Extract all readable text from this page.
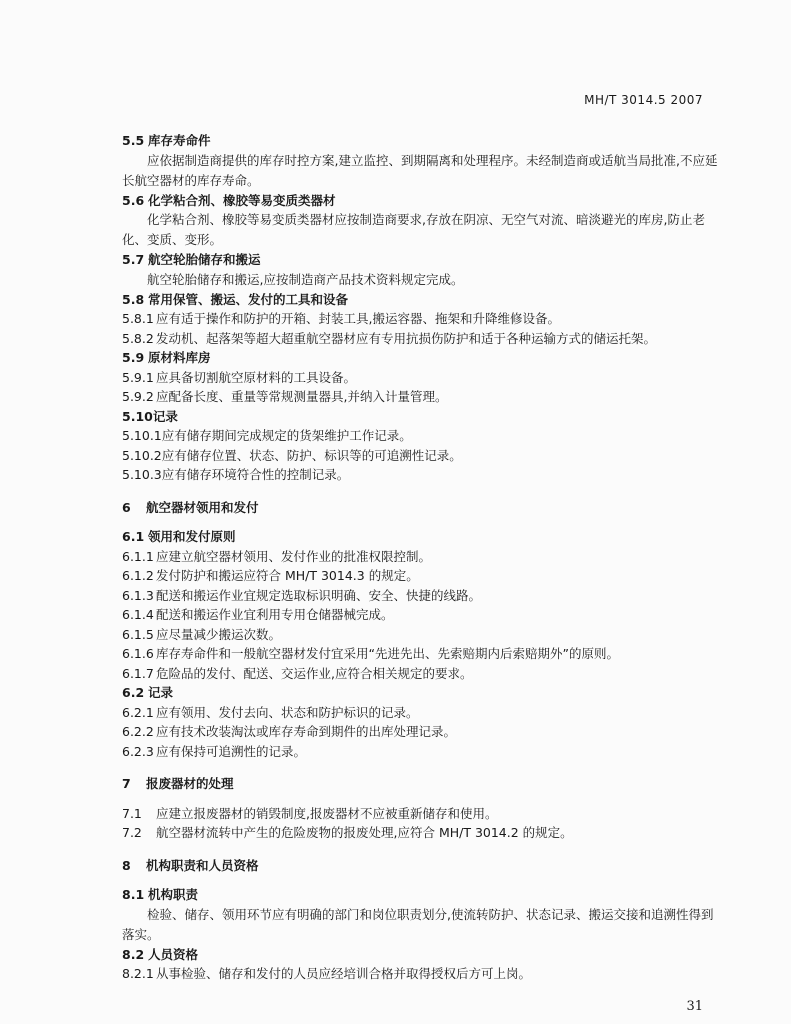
MH/T 3014.5 2007
5.5 库存寿命件
应依据制造商提供的库存时控方案,建立监控、到期隔离和处理程序。未经制造商或适航当局批准,不应延长航空器材的库存寿命。
5.6 化学粘合剂、橡胶等易变质类器材
化学粘合剂、橡胶等易变质类器材应按制造商要求,存放在阴凉、无空气对流、暗淡避光的库房,防止老化、变质、变形。
5.7 航空轮胎储存和搬运
航空轮胎储存和搬运,应按制造商产品技术资料规定完成。
5.8 常用保管、搬运、发付的工具和设备
5.8.1 应有适于操作和防护的开箱、封装工具,搬运容器、拖架和升降维修设备。
5.8.2 发动机、起落架等超大超重航空器材应有专用抗损伤防护和适于各种运输方式的储运托架。
5.9 原材料库房
5.9.1 应具备切割航空原材料的工具设备。
5.9.2 应配备长度、重量等常规测量器具,并纳入计量管理。
5.10记录
5.10.1应有储存期间完成规定的货架维护工作记录。
5.10.2应有储存位置、状态、防护、标识等的可追溯性记录。
5.10.3应有储存环境符合性的控制记录。
6 航空器材领用和发付
6.1 领用和发付原则
6.1.1 应建立航空器材领用、发付作业的批准权限控制。
6.1.2 发付防护和搬运应符合 MH/T 3014.3 的规定。
6.1.3 配送和搬运作业宜规定选取标识明确、安全、快捷的线路。
6.1.4 配送和搬运作业宜利用专用仓储器械完成。
6.1.5 应尽量减少搬运次数。
6.1.6 库存寿命件和一般航空器材发付宜采用“先进先出、先索赔期内后索赔期外”的原则。
6.1.7 危险品的发付、配送、交运作业,应符合相关规定的要求。
6.2 记录
6.2.1 应有领用、发付去向、状态和防护标识的记录。
6.2.2 应有技术改装淘汰或库存寿命到期件的出库处理记录。
6.2.3 应有保持可追溯性的记录。
7 报废器材的处理
7.1 应建立报废器材的销毁制度,报废器材不应被重新储存和使用。
7.2 航空器材流转中产生的危险废物的报废处理,应符合 MH/T 3014.2 的规定。
8 机构职责和人员资格
8.1 机构职责
检验、储存、领用环节应有明确的部门和岗位职责划分,使流转防护、状态记录、搬运交接和追溯性得到落实。
8.2 人员资格
8.2.1 从事检验、储存和发付的人员应经培训合格并取得授权后方可上岗。
31
